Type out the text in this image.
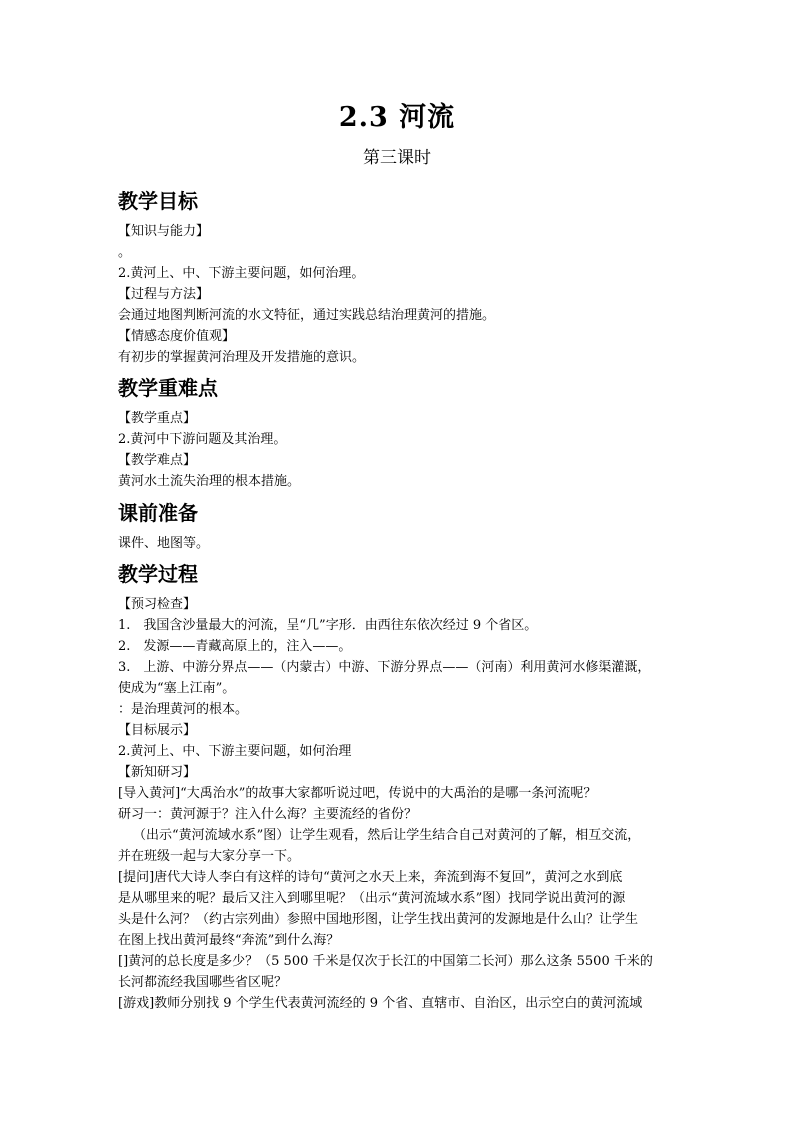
2.3 河流
第三课时
教学目标
【知识与能力】
。
2.黄河上、中、下游主要问题，如何治理。
【过程与方法】
会通过地图判断河流的水文特征，通过实践总结治理黄河的措施。
【情感态度价值观】
有初步的掌握黄河治理及开发措施的意识。
教学重难点
【教学重点】
2.黄河中下游问题及其治理。
【教学难点】
黄河水土流失治理的根本措施。
课前准备
课件、地图等。
教学过程
【预习检查】
1.　我国含沙量最大的河流，呈“几”字形．由西往东依次经过 9 个省区。
2.　发源——青藏高原上的，注入——。
3.　上游、中游分界点——（内蒙古）中游、下游分界点——（河南）利用黄河水修渠灌溉，
使成为“塞上江南”。
：是治理黄河的根本。
【目标展示】
2.黄河上、中、下游主要问题，如何治理
【新知研习】
[导入黄河]“大禹治水”的故事大家都听说过吧，传说中的大禹治的是哪一条河流呢？
研习一：黄河源于？注入什么海？主要流经的省份？
（出示“黄河流域水系”图）让学生观看，然后让学生结合自己对黄河的了解，相互交流，
并在班级一起与大家分享一下。
[提问]唐代大诗人李白有这样的诗句“黄河之水天上来，奔流到海不复回”，黄河之水到底
是从哪里来的呢？最后又注入到哪里呢？（出示“黄河流域水系”图）找同学说出黄河的源
头是什么河？（约古宗列曲）参照中国地形图，让学生找出黄河的发源地是什么山？让学生
在图上找出黄河最终“奔流”到什么海？
[]黄河的总长度是多少？（5 500 千米是仅次于长江的中国第二长河）那么这条 5500 千米的
长河都流经我国哪些省区呢？
[游戏]教师分别找 9 个学生代表黄河流经的 9 个省、直辖市、自治区，出示空白的黄河流域
